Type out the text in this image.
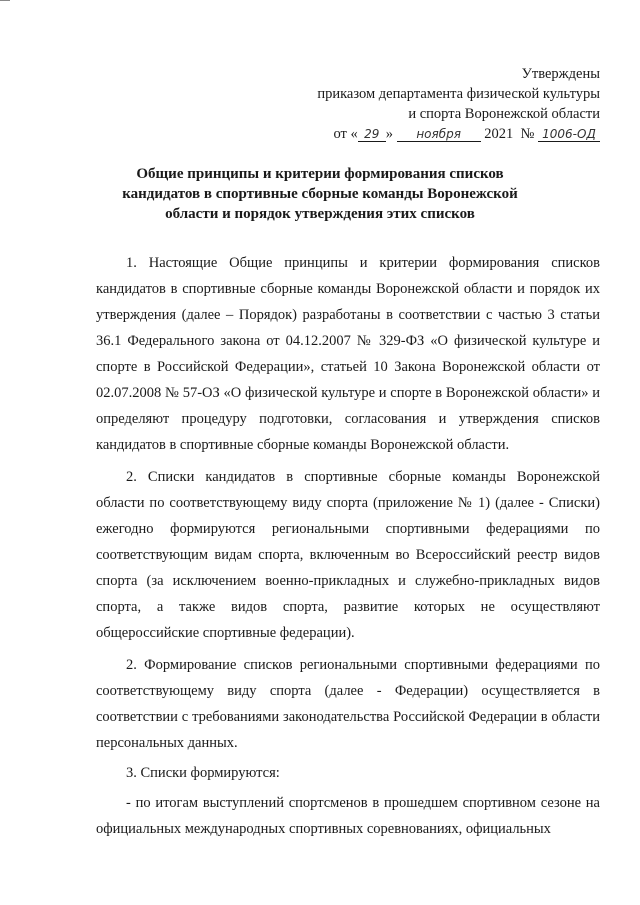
Утверждены
приказом департамента физической культуры
и спорта Воронежской области
от « 29 » ноября 2021 № 1006-ОД
Общие принципы и критерии формирования списков кандидатов в спортивные сборные команды Воронежской области и порядок утверждения этих списков

1. Настоящие Общие принципы и критерии формирования списков кандидатов в спортивные сборные команды Воронежской области и порядок их утверждения (далее – Порядок) разработаны в соответствии с частью 3 статьи 36.1 Федерального закона от 04.12.2007 № 329-ФЗ «О физической культуре и спорте в Российской Федерации», статьей 10 Закона Воронежской области от 02.07.2008 № 57-ОЗ «О физической культуре и спорте в Воронежской области» и определяют процедуру подготовки, согласования и утверждения списков кандидатов в спортивные сборные команды Воронежской области.

2. Списки кандидатов в спортивные сборные команды Воронежской области по соответствующему виду спорта (приложение № 1) (далее - Списки) ежегодно формируются региональными спортивными федерациями по соответствующим видам спорта, включенным во Всероссийский реестр видов спорта (за исключением военно-прикладных и служебно-прикладных видов спорта, а также видов спорта, развитие которых не осуществляют общероссийские спортивные федерации).

2. Формирование списков региональными спортивными федерациями по соответствующему виду спорта (далее - Федерации) осуществляется в соответствии с требованиями законодательства Российской Федерации в области персональных данных.

3. Списки формируются:

- по итогам выступлений спортсменов в прошедшем спортивном сезоне на официальных международных спортивных соревнованиях, официальных
